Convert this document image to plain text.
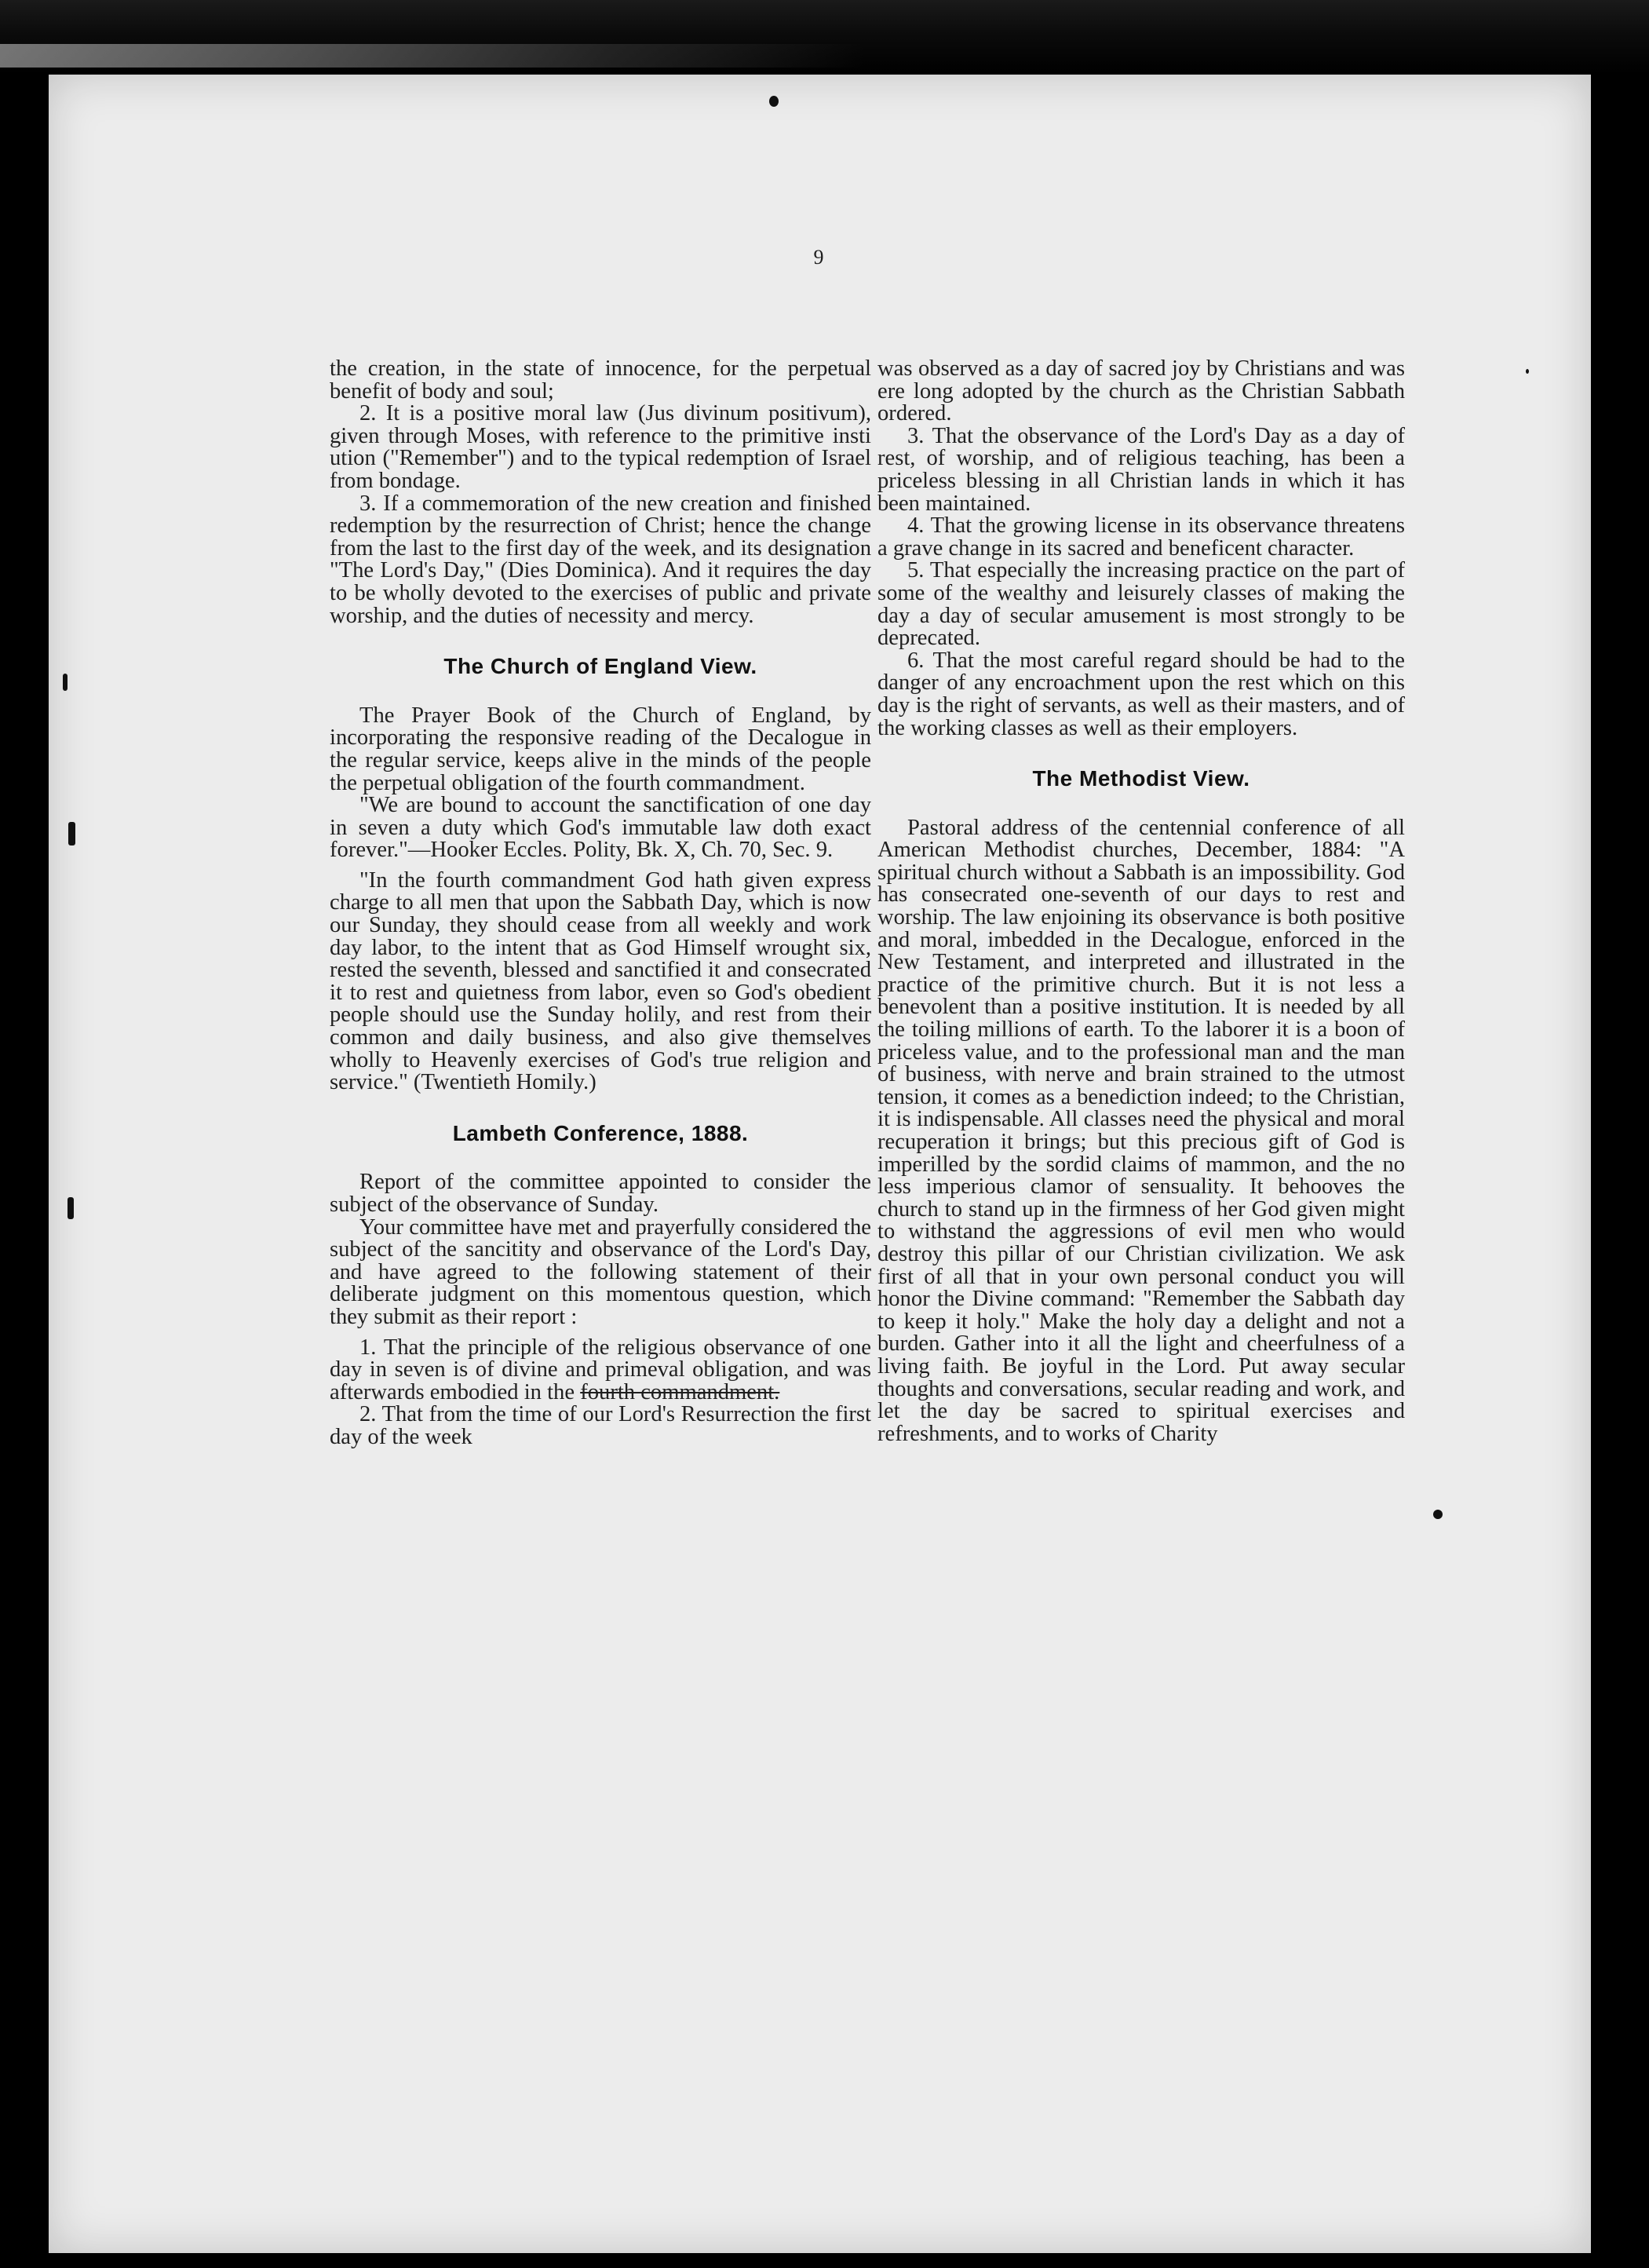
9

the creation, in the state of innocence, for the perpetual benefit of body and soul;

2. It is a positive moral law (Jus divinum positivum), given through Moses, with reference to the primitive insti ution ("Remember") and to the typical redemption of Israel from bondage.

3. If a commemoration of the new creation and finished redemption by the resurrection of Christ; hence the change from the last to the first day of the week, and its designation "The Lord's Day," (Dies Dominica). And it requires the day to be wholly devoted to the exercises of public and private worship, and the duties of necessity and mercy.

The Church of England View.

The Prayer Book of the Church of England, by incorporating the responsive reading of the Decalogue in the regular service, keeps alive in the minds of the people the perpetual obligation of the fourth commandment.

"We are bound to account the sanctification of one day in seven a duty which God's immutable law doth exact forever."—Hooker Eccles. Polity, Bk. X, Ch. 70, Sec. 9.

"In the fourth commandment God hath given express charge to all men that upon the Sabbath Day, which is now our Sunday, they should cease from all weekly and work day labor, to the intent that as God Himself wrought six, rested the seventh, blessed and sanctified it and consecrated it to rest and quietness from labor, even so God's obedient people should use the Sunday holily, and rest from their common and daily business, and also give themselves wholly to Heavenly exercises of God's true religion and service." (Twentieth Homily.)

Lambeth Conference, 1888.

Report of the committee appointed to consider the subject of the observance of Sunday.

Your committee have met and prayerfully considered the subject of the sancitity and observance of the Lord's Day, and have agreed to the following statement of their deliberate judgment on this momentous question, which they submit as their report :

1. That the principle of the religious observance of one day in seven is of divine and primeval obligation, and was afterwards embodied in the fourth commandment.

2. That from the time of our Lord's Resurrection the first day of the week

was observed as a day of sacred joy by Christians and was ere long adopted by the church as the Christian Sabbath ordered.

3. That the observance of the Lord's Day as a day of rest, of worship, and of religious teaching, has been a priceless blessing in all Christian lands in which it has been maintained.

4. That the growing license in its observance threatens a grave change in its sacred and beneficent character.

5. That especially the increasing practice on the part of some of the wealthy and leisurely classes of making the day a day of secular amusement is most strongly to be deprecated.

6. That the most careful regard should be had to the danger of any encroachment upon the rest which on this day is the right of servants, as well as their masters, and of the working classes as well as their employers.

The Methodist View.

Pastoral address of the centennial conference of all American Methodist churches, December, 1884: "A spiritual church without a Sabbath is an impossibility. God has consecrated one-seventh of our days to rest and worship. The law enjoining its observance is both positive and moral, imbedded in the Decalogue, enforced in the New Testament, and interpreted and illustrated in the practice of the primitive church. But it is not less a benevolent than a positive institution. It is needed by all the toiling millions of earth. To the laborer it is a boon of priceless value, and to the professional man and the man of business, with nerve and brain strained to the utmost tension, it comes as a benediction indeed; to the Christian, it is indispensable. All classes need the physical and moral recuperation it brings; but this precious gift of God is imperilled by the sordid claims of mammon, and the no less imperious clamor of sensuality. It behooves the church to stand up in the firmness of her God given might to withstand the aggressions of evil men who would destroy this pillar of our Christian civilization. We ask first of all that in your own personal conduct you will honor the Divine command: "Remember the Sabbath day to keep it holy." Make the holy day a delight and not a burden. Gather into it all the light and cheerfulness of a living faith. Be joyful in the Lord. Put away secular thoughts and conversations, secular reading and work, and let the day be sacred to spiritual exercises and refreshments, and to works of Charity
